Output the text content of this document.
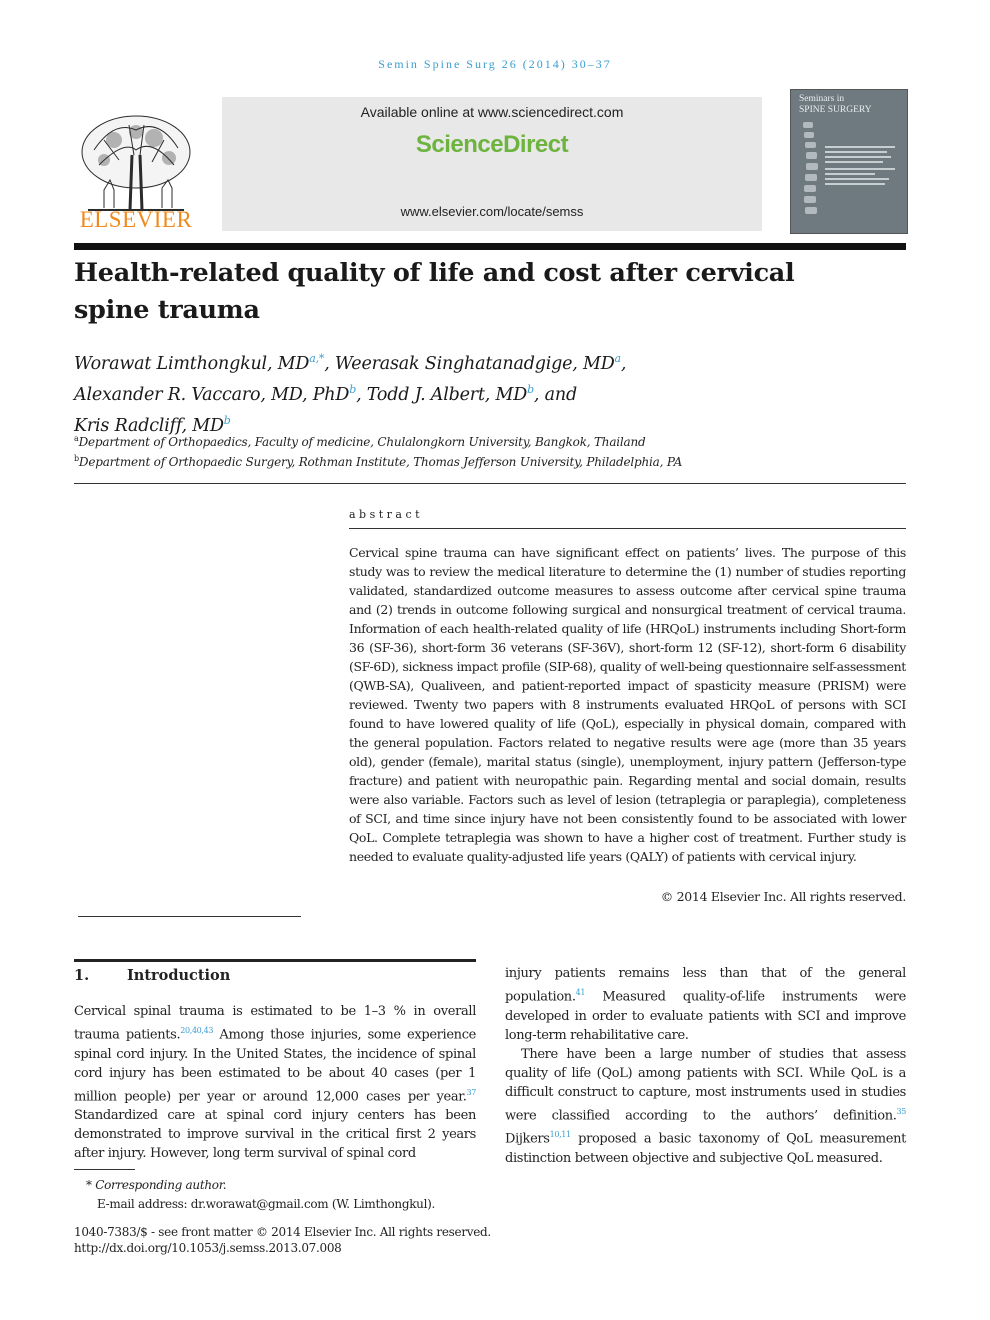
Semin Spine Surg 26 (2014) 30–37
ELSEVIER
Available online at www.sciencedirect.com
ScienceDirect
www.elsevier.com/locate/semss
Seminars in
SPINE SURGERY
Health-related quality of life and cost after cervical spine trauma
Worawat Limthongkul, $MD^{a,*}$, Weerasak Singhatanadgige, $MD^a$,
Alexander R. Vaccaro, MD, PhD$^b$, Todd J. Albert, $MD^b$, and
Kris Radcliff, $MD^b$
$^a$Department of Orthopaedics, Faculty of medicine, Chulalongkorn University, Bangkok, Thailand
$^b$Department of Orthopaedic Surgery, Rothman Institute, Thomas Jefferson University, Philadelphia, PA
abstract
Cervical spine trauma can have significant effect on patients’ lives. The purpose of this study was to review the medical literature to determine the (1) number of studies reporting validated, standardized outcome measures to assess outcome after cervical spine trauma and (2) trends in outcome following surgical and nonsurgical treatment of cervical trauma. Information of each health-related quality of life (HRQoL) instruments including Short-form 36 (SF-36), short-form 36 veterans (SF-36V), short-form 12 (SF-12), short-form 6 disability (SF-6D), sickness impact profile (SIP-68), quality of well-being questionnaire self-assessment (QWB-SA), Qualiveen, and patient-reported impact of spasticity measure (PRISM) were reviewed. Twenty two papers with 8 instruments evaluated HRQoL of persons with SCI found to have lowered quality of life (QoL), especially in physical domain, compared with the general population. Factors related to negative results were age (more than 35 years old), gender (female), marital status (single), unemployment, injury pattern (Jefferson-type fracture) and patient with neuropathic pain. Regarding mental and social domain, results were also variable. Factors such as level of lesion (tetraplegia or paraplegia), completeness of SCI, and time since injury have not been consistently found to be associated with lower QoL. Complete tetraplegia was shown to have a higher cost of treatment. Further study is needed to evaluate quality-adjusted life years (QALY) of patients with cervical injury.
© 2014 Elsevier Inc. All rights reserved.
1.	Introduction
Cervical spinal trauma is estimated to be 1–3 % in overall trauma patients.$^{20,40,43}$ Among those injuries, some experience spinal cord injury. In the United States, the incidence of spinal cord injury has been estimated to be about 40 cases (per 1 million people) per year or around 12,000 cases per year.$^{37}$ Standardized care at spinal cord injury centers has been demonstrated to improve survival in the critical first 2 years after injury. However, long term survival of spinal cord
injury patients remains less than that of the general population.$^{41}$ Measured quality-of-life instruments were developed in order to evaluate patients with SCI and improve long-term rehabilitative care.
There have been a large number of studies that assess quality of life (QoL) among patients with SCI. While QoL is a difficult construct to capture, most instruments used in studies were classified according to the authors’ definition.$^{35}$ Dijkers$^{10,11}$ proposed a basic taxonomy of QoL measurement distinction between objective and subjective QoL measured.
* Corresponding author.
E-mail address: dr.worawat@gmail.com (W. Limthongkul).
1040-7383/$ - see front matter © 2014 Elsevier Inc. All rights reserved.
http://dx.doi.org/10.1053/j.semss.2013.07.008
